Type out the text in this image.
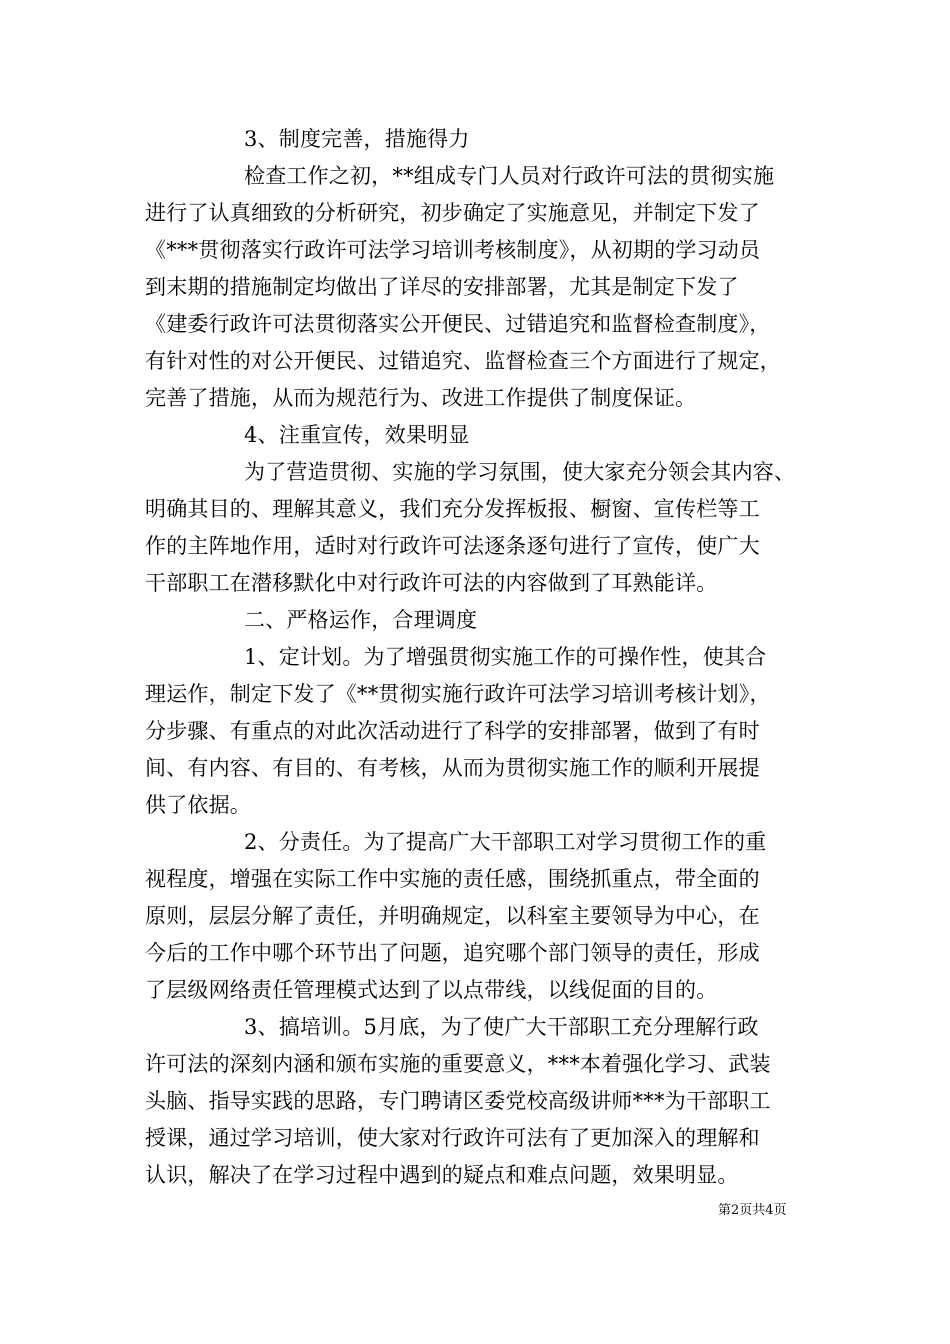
3、制度完善，措施得力
检查工作之初，**组成专门人员对行政许可法的贯彻实施
进行了认真细致的分析研究，初步确定了实施意见，并制定下发了
《***贯彻落实行政许可法学习培训考核制度》，从初期的学习动员
到末期的措施制定均做出了详尽的安排部署，尤其是制定下发了
《建委行政许可法贯彻落实公开便民、过错追究和监督检查制度》，
有针对性的对公开便民、过错追究、监督检查三个方面进行了规定，
完善了措施，从而为规范行为、改进工作提供了制度保证。
4、注重宣传，效果明显
为了营造贯彻、实施的学习氛围，使大家充分领会其内容、
明确其目的、理解其意义，我们充分发挥板报、橱窗、宣传栏等工
作的主阵地作用，适时对行政许可法逐条逐句进行了宣传，使广大
干部职工在潜移默化中对行政许可法的内容做到了耳熟能详。
二、严格运作，合理调度
1、定计划。为了增强贯彻实施工作的可操作性，使其合
理运作，制定下发了《**贯彻实施行政许可法学习培训考核计划》，
分步骤、有重点的对此次活动进行了科学的安排部署，做到了有时
间、有内容、有目的、有考核，从而为贯彻实施工作的顺利开展提
供了依据。
2、分责任。为了提高广大干部职工对学习贯彻工作的重
视程度，增强在实际工作中实施的责任感，围绕抓重点，带全面的
原则，层层分解了责任，并明确规定，以科室主要领导为中心，在
今后的工作中哪个环节出了问题，追究哪个部门领导的责任，形成
了层级网络责任管理模式达到了以点带线，以线促面的目的。
3、搞培训。5月底，为了使广大干部职工充分理解行政
许可法的深刻内涵和颁布实施的重要意义，***本着强化学习、武装
头脑、指导实践的思路，专门聘请区委党校高级讲师***为干部职工
授课，通过学习培训，使大家对行政许可法有了更加深入的理解和
认识，解决了在学习过程中遇到的疑点和难点问题，效果明显。
第2页共4页
